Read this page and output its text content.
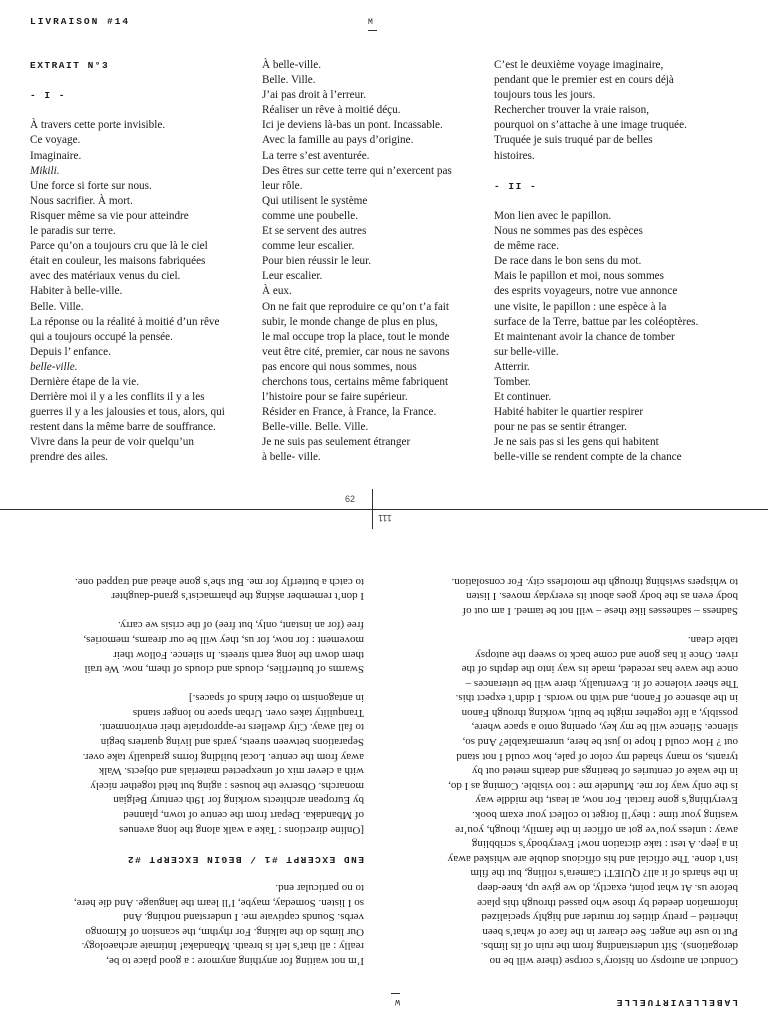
LIVRAISON #14	M

EXTRAIT N°3

- I -

À travers cette porte invisible.

Ce voyage.

Imaginaire.

Mikili.

Une force si forte sur nous.

Nous sacrifier. À mort.

Risquer même sa vie pour atteindre

le paradis sur terre.

Parce qu’on a toujours cru que là le ciel

était en couleur, les maisons fabriquées

avec des matériaux venus du ciel.

Habiter à belle-ville.

Belle. Ville.

La réponse ou la réalité à moitié d’un rêve

qui a toujours occupé la pensée.

Depuis l’ enfance.

belle-ville.

Dernière étape de la vie.

Derrière moi il y a les conflits il y a les

guerres il y a les jalousies et tous, alors, qui

restent dans la même barre de souffrance.

Vivre dans la peur de voir quelqu’un

prendre des ailes.

À belle-ville.

Belle. Ville.

J’ai pas droit à l’erreur.

Réaliser un rêve à moitié déçu.

Ici je deviens là-bas un pont. Incassable.

Avec la famille au pays d’origine.

La terre s’est aventurée.

Des êtres sur cette terre qui n’exercent pas

leur rôle.

Qui utilisent le système

comme une poubelle.

Et se servent des autres

comme leur escalier.

Pour bien réussir le leur.

Leur escalier.

À eux.

On ne fait que reproduire ce qu’on t’a fait

subir, le monde change de plus en plus,

le mal occupe trop la place, tout le monde

veut être cité, premier, car nous ne savons

pas encore qui nous sommes, nous

cherchons tous, certains même fabriquent

l’histoire pour se faire supérieur.

Résider en France, à France, la France.

Belle-ville. Belle. Ville.

Je ne suis pas seulement étranger

à belle- ville.

C’est le deuxième voyage imaginaire,

pendant que le premier est en cours déjà

toujours tous les jours.

Rechercher trouver la vraie raison,

pourquoi on s’attache à une image truquée.

Truquée je suis truqué par de belles

histoires.

- II -

Mon lien avec le papillon.

Nous ne sommes pas des espèces

de même race.

De race dans le bon sens du mot.

Mais le papillon et moi, nous sommes

des esprits voyageurs, notre vue annonce

une visite, le papillon : une espèce à la

surface de la Terre, battue par les coléoptères.

Et maintenant avoir la chance de tomber

sur belle-ville.

Atterrir.

Tomber.

Et continuer.

Habité habiter le quartier respirer

pour ne pas se sentir étranger.

Je ne sais pas si les gens qui habitent

belle-ville se rendent compte de la chance

62
111
LABELLEVIRTUELLE
W

Conduct an autopsy on history’s corpse (there will be no

derogations). Sift understanding from the ruin of its limbs.

Put to use the anger. See clearer in the face of what’s been

inherited – pretty ditties for murder and highly specialized

information deeded by those who passed through this place

before us. At what point, exactly, do we give up, knee-deep

in the shards of it all? QUIET! Camera’s rolling, but the film

isn’t done. The official and his officious double are whisked away

in a jeep. A test : take dictation now! Everybody’s scribbling

away : unless you’ve got an officer in the family, though, you’re

wasting your time : they’ll forget to collect your exam book.

Everything’s gone fractal. For now, at least, the middle way

is the only way for me. Mundele me : too visible. Coming as I do,

in the wake of centuries of beatings and deaths meted out by

tyrants, so many shaded my color of pale, how could I not stand

out ? How could I hope to just be here, unremarkable? And so,

silence. Silence will be my key, opening onto a space where,

possibly, a life together might be built, working through Fanon

in the absence of Fanon, and with no words. I didn’t expect this.

The sheer violence of it. Eventually, there will be utterances –

once the wave has receded, made its way into the depths of the

river. Once it has gone and come back to sweep the autopsy

table clean.

Sadness – sadnesses like these – will not be tamed. I am out of

body even as the body goes about its everyday moves. I listen

to whispers swishing through the motorless city. For consolation.

I’m not waiting for anything anymore : a good place to be,

really : all that’s left is breath. Mbandaka! Intimate archaeology.

Our limbs do the talking. For rhythm, the scansion of Kimongo

verbs. Sounds captivate me. I understand nothing. And

so I listen. Someday, maybe, I’ll learn the language. And die here,

to no particular end.

END EXCERPT #1 / BEGIN EXCERPT #2

[Online directions : Take a walk along the long avenues

of Mbandaka. Depart from the centre of town, planned

by European architects working for 19th century Belgian

monarchs. Observe the houses : aging but held together nicely

with a clever mix of unexpected materials and objects. Walk

away from the centre. Local building forms gradually take over.

Separations between streets, yards and living quarters begin

to fall away. City dwellers re-appropriate their environment.

Tranquility takes over. Urban space no longer stands

in antagonism to other kinds of spaces.]

Swarms of butterflies, clouds and clouds of them, now. We trail

them down the long earth streets. In silence. Follow their

movement : for now, for us, they will be our dreams, memories,

free (for an instant, only, but free) of the crisis we carry.

I don’t remember asking the pharmacist’s grand-daughter

to catch a butterfly for me. But she’s gone ahead and trapped one.
